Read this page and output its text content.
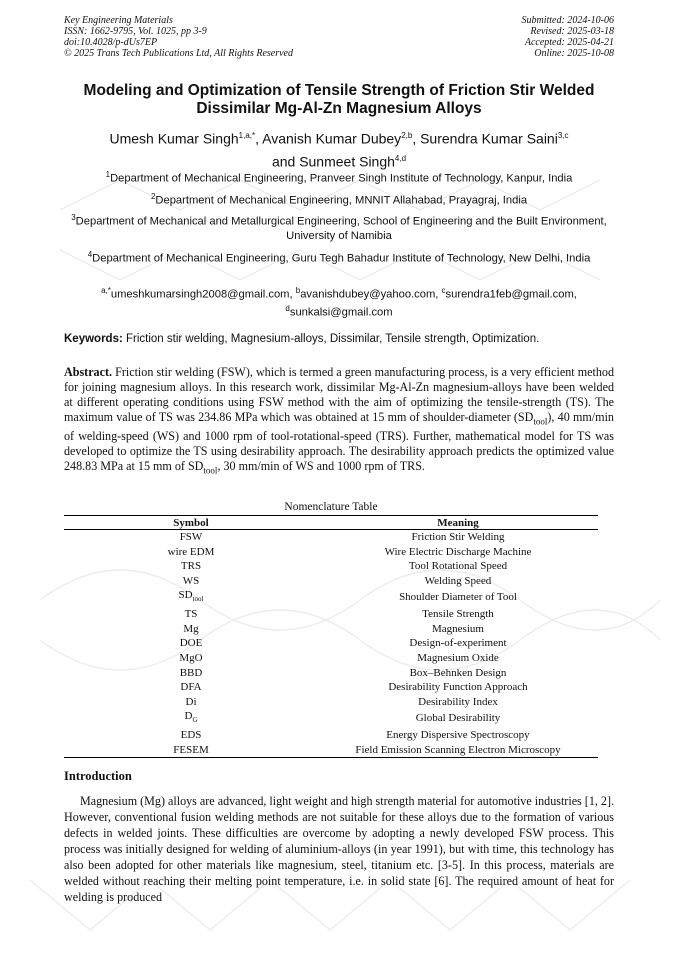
Key Engineering Materials
ISSN: 1662-9795, Vol. 1025, pp 3-9
doi:10.4028/p-dUs7EP
© 2025 Trans Tech Publications Ltd, All Rights Reserved
Submitted: 2024-10-06
Revised: 2025-03-18
Accepted: 2025-04-21
Online: 2025-10-08
Modeling and Optimization of Tensile Strength of Friction Stir Welded
Dissimilar Mg-Al-Zn Magnesium Alloys
Umesh Kumar Singh$^{1,a,*}$, Avanish Kumar Dubey$^{2,b}$, Surendra Kumar Saini$^{3,c}$
and Sunmeet Singh$^{4,d}$
$^1$Department of Mechanical Engineering, Pranveer Singh Institute of Technology, Kanpur, India
$^2$Department of Mechanical Engineering, MNNIT Allahabad, Prayagraj, India
$^3$Department of Mechanical and Metallurgical Engineering, School of Engineering and the Built Environment, University of Namibia
$^4$Department of Mechanical Engineering, Guru Tegh Bahadur Institute of Technology, New Delhi, India
$^{a,*}$umeshkumarsingh2008@gmail.com, $^b$avanishdubey@yahoo.com, $^c$surendra1feb@gmail.com,
$^d$sunkalsi@gmail.com
Keywords: Friction stir welding, Magnesium-alloys, Dissimilar, Tensile strength, Optimization.
Abstract. Friction stir welding (FSW), which is termed a green manufacturing process, is a very efficient method for joining magnesium alloys. In this research work, dissimilar Mg-Al-Zn magnesium-alloys have been welded at different operating conditions using FSW method with the aim of optimizing the tensile-strength (TS). The maximum value of TS was 234.86 MPa which was obtained at 15 mm of shoulder-diameter $(SD_{tool})$, 40 mm/min of welding-speed (WS) and 1000 rpm of tool-rotational-speed (TRS). Further, mathematical model for TS was developed to optimize the TS using desirability approach. The desirability approach predicts the optimized value 248.83 MPa at 15 mm of $SD_{tool}$, 30 mm/min of WS and 1000 rpm of TRS.
Nomenclature Table
Symbol	Meaning
FSW	Friction Stir Welding
wire EDM	Wire Electric Discharge Machine
TRS	Tool Rotational Speed
WS	Welding Speed
$SD_{tool}$	Shoulder Diameter of Tool
TS	Tensile Strength
Mg	Magnesium
DOE	Design-of-experiment
MgO	Magnesium Oxide
BBD	Box–Behnken Design
DFA	Desirability Function Approach
Di	Desirability Index
$D_G$	Global Desirability
EDS	Energy Dispersive Spectroscopy
FESEM	Field Emission Scanning Electron Microscopy
Introduction
Magnesium (Mg) alloys are advanced, light weight and high strength material for automotive industries [1, 2]. However, conventional fusion welding methods are not suitable for these alloys due to the formation of various defects in welded joints. These difficulties are overcome by adopting a newly developed FSW process. This process was initially designed for welding of aluminium-alloys (in year 1991), but with time, this technology has also been adopted for other materials like magnesium, steel, titanium etc. [3-5]. In this process, materials are welded without reaching their melting point temperature, i.e. in solid state [6]. The required amount of heat for welding is produced
